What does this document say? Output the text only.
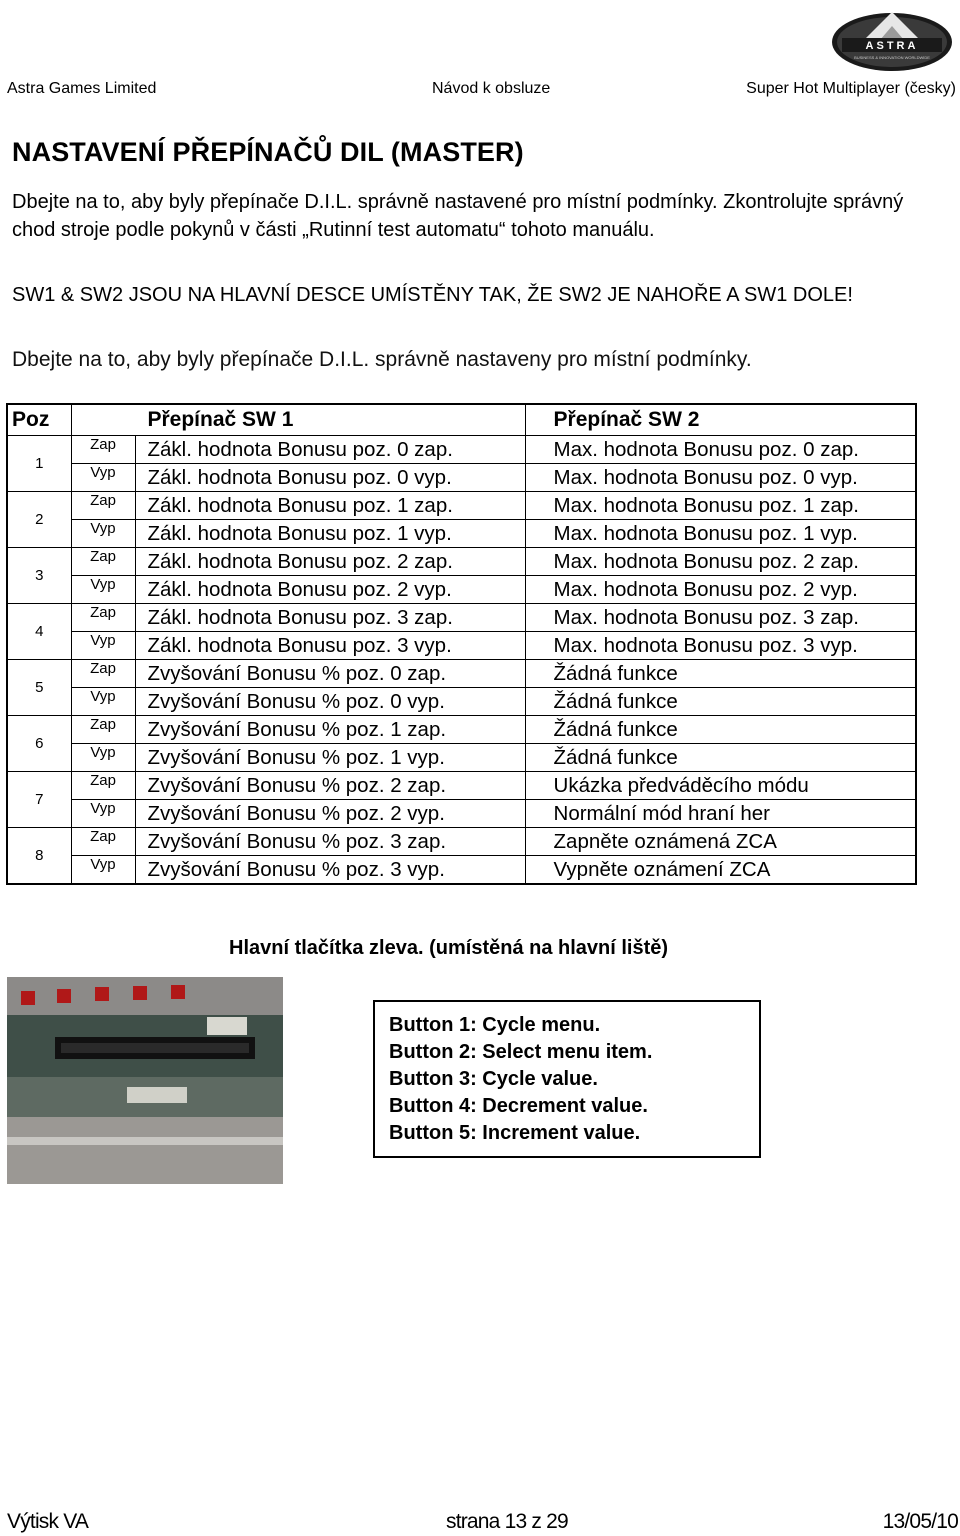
Astra Games Limited	Návod k obsluze	Super Hot Multiplayer (česky)
ASTRA
BUSINESS & INNOVATION WORLDWIDE
NASTAVENÍ PŘEPÍNAČŮ DIL (MASTER)
Dbejte na to, aby byly přepínače D.I.L. správně nastavené pro místní podmínky. Zkontrolujte správný chod stroje podle pokynů v části „Rutinní test automatu“ tohoto manuálu.
SW1 & SW2 JSOU NA HLAVNÍ DESCE UMÍSTĚNY TAK, ŽE SW2 JE NAHOŘE A SW1 DOLE!
Dbejte na to, aby byly přepínače D.I.L. správně nastaveny pro místní podmínky.
Poz	Přepínač SW 1		Přepínač SW 2
1	Zap	Zákl. hodnota Bonusu poz. 0 zap.	Max. hodnota Bonusu poz. 0 zap.
	Vyp	Zákl. hodnota Bonusu poz. 0 vyp.	Max. hodnota Bonusu poz. 0 vyp.
2	Zap	Zákl. hodnota Bonusu poz. 1 zap.	Max. hodnota Bonusu poz. 1 zap.
	Vyp	Zákl. hodnota Bonusu poz. 1 vyp.	Max. hodnota Bonusu poz. 1 vyp.
3	Zap	Zákl. hodnota Bonusu poz. 2 zap.	Max. hodnota Bonusu poz. 2 zap.
	Vyp	Zákl. hodnota Bonusu poz. 2 vyp.	Max. hodnota Bonusu poz. 2 vyp.
4	Zap	Zákl. hodnota Bonusu poz. 3 zap.	Max. hodnota Bonusu poz. 3 zap.
	Vyp	Zákl. hodnota Bonusu poz. 3 vyp.	Max. hodnota Bonusu poz. 3 vyp.
5	Zap	Zvyšování Bonusu % poz. 0 zap.	Žádná funkce
	Vyp	Zvyšování Bonusu % poz. 0 vyp.	Žádná funkce
6	Zap	Zvyšování Bonusu % poz. 1 zap.	Žádná funkce
	Vyp	Zvyšování Bonusu % poz. 1 vyp.	Žádná funkce
7	Zap	Zvyšování Bonusu % poz. 2 zap.	Ukázka předváděcího módu
	Vyp	Zvyšování Bonusu % poz. 2 vyp.	Normální mód hraní her
8	Zap	Zvyšování Bonusu % poz. 3 zap.	Zapněte oznámená ZCA
	Vyp	Zvyšování Bonusu % poz. 3 vyp.	Vypněte oznámení ZCA
Hlavní tlačítka zleva. (umístěná na hlavní liště)
Button 1: Cycle menu.
Button 2: Select menu item.
Button 3: Cycle value.
Button 4: Decrement value.
Button 5: Increment value.
Výtisk VA	strana 13 z 29	13/05/10
